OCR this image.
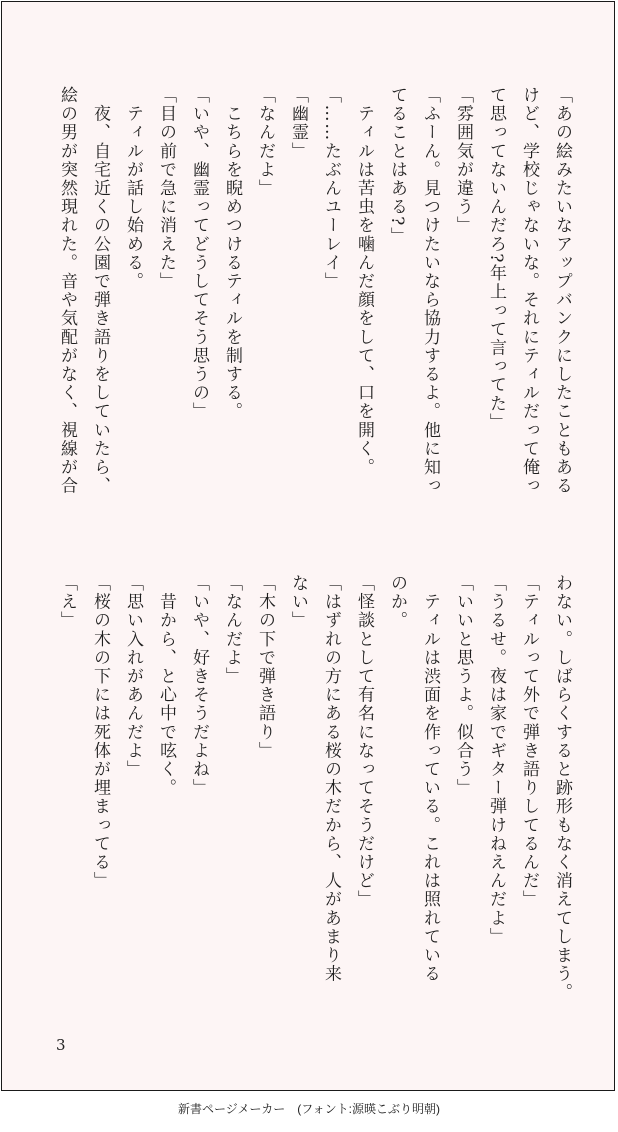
「あの絵みたいなアップバンクにしたこともある
けど、学校じゃないな。それにティルだって俺っ
て思ってないんだろ?年上って言ってた」
「雰囲気が違う」
「ふーん。見つけたいなら協力するよ。他に知っ
てることはある?」
　ティルは苦虫を噛んだ顔をして、口を開く。
「……たぶんユーレイ」
「幽霊」
「なんだよ」
　こちらを睨めつけるティルを制する。
「いや、幽霊ってどうしてそう思うの」
「目の前で急に消えた」
　ティルが話し始める。
　夜、自宅近くの公園で弾き語りをしていたら、
絵の男が突然現れた。音や気配がなく、視線が合
わない。しばらくすると跡形もなく消えてしまう。
「ティルって外で弾き語りしてるんだ」
「うるせ。夜は家でギター弾けねえんだよ」
「いいと思うよ。似合う」
　ティルは渋面を作っている。これは照れている
のか。
「怪談として有名になってそうだけど」
「はずれの方にある桜の木だから、人があまり来
ない」
「木の下で弾き語り」
「なんだよ」
「いや、好きそうだよね」
　昔から、と心中で呟く。
「思い入れがあんだよ」
「桜の木の下には死体が埋まってる」
「え」
3
新書ページメーカー　(フォント:源暎こぶり明朝)
